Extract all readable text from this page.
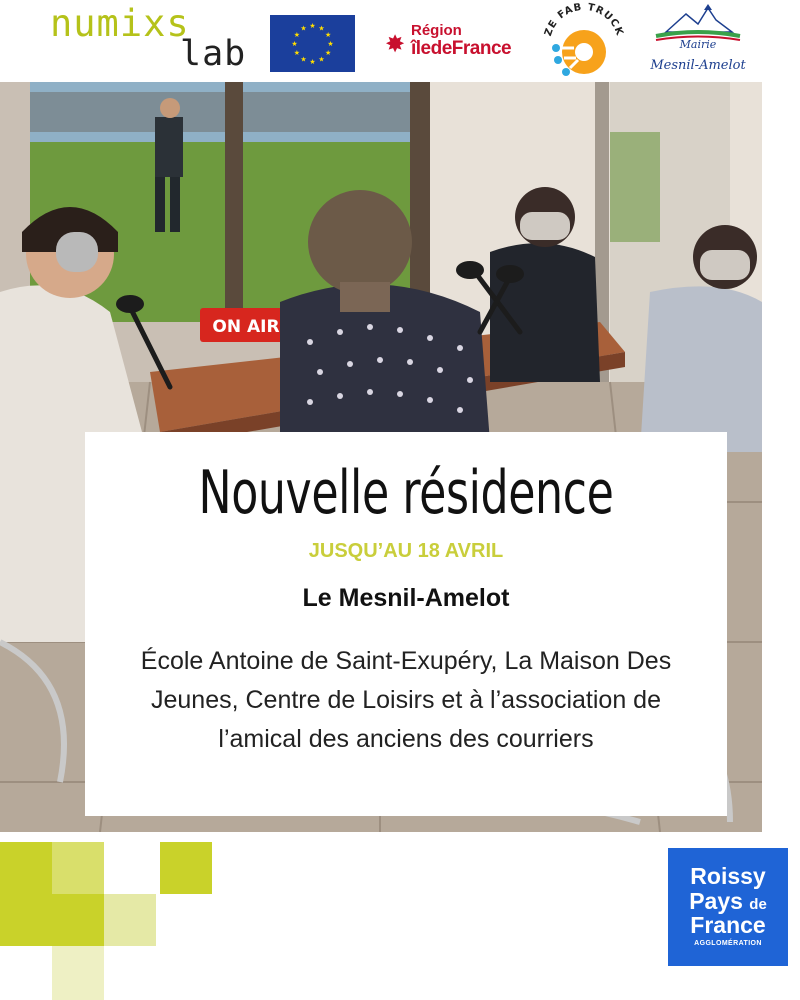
numixs
lab	★
★
★
★
★
★
★
★
★ ★ ★
★ ✸ Région
îledeFrance
ZE FAB TRUCK
Mairie
Mesnil-Amelot
ON AIR
Nouvelle résidence
JUSQU’AU 18 AVRIL
Le Mesnil-Amelot
École Antoine de Saint-Exupéry, La Maison Des
Jeunes, Centre de Loisirs et à l’association de
l’amical des anciens des courriers
Roissy
Pays de
France
AGGLOMÉRATION
